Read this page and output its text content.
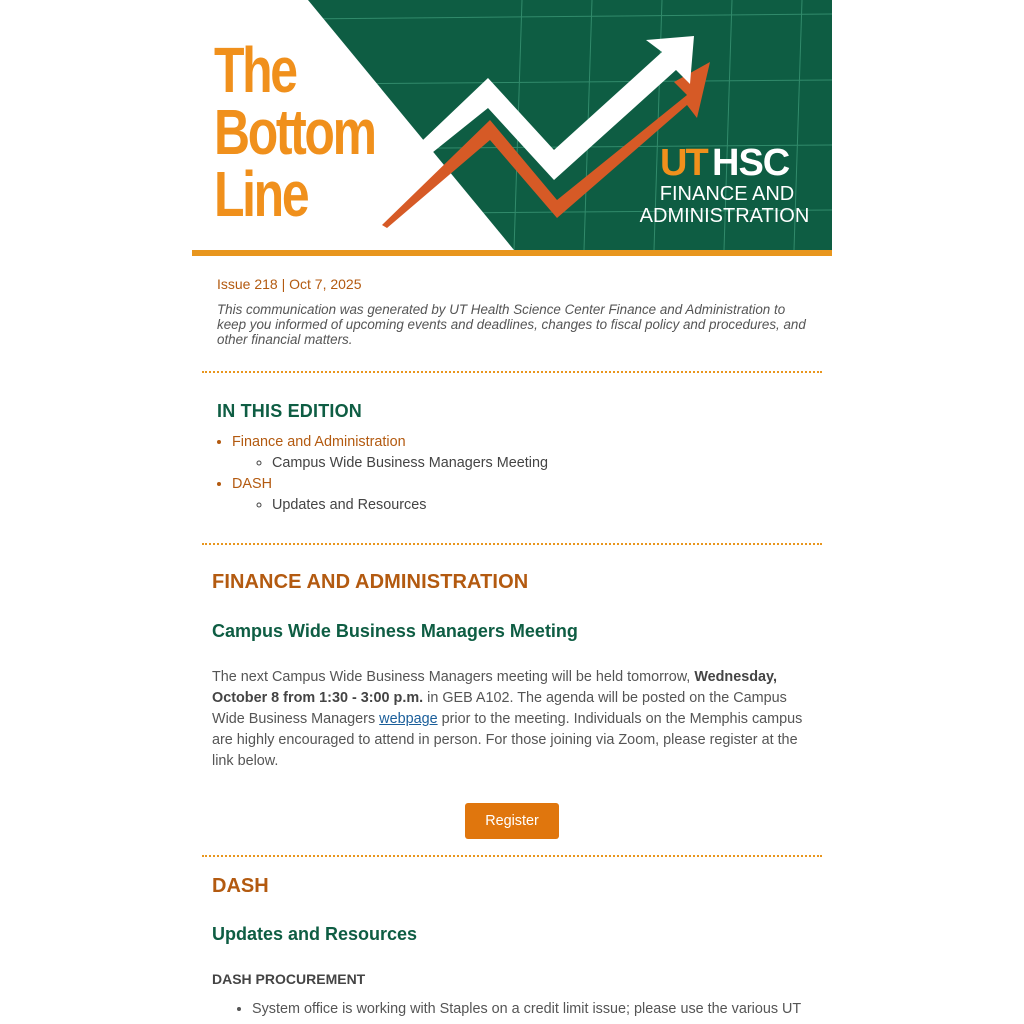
The
Bottom
Line	UT HSC
FINANCE AND
ADMINISTRATION
Issue 218 | Oct 7, 2025
This communication was generated by UT Health Science Center Finance and Administration to keep you informed of upcoming events and deadlines, changes to fiscal policy and procedures, and other financial matters.
IN THIS EDITION
• Finance and Administration
◦ Campus Wide Business Managers Meeting
• DASH
◦ Updates and Resources
FINANCE AND ADMINISTRATION
Campus Wide Business Managers Meeting
The next Campus Wide Business Managers meeting will be held tomorrow, Wednesday, October 8 from 1:30 - 3:00 p.m. in GEB A102. The agenda will be posted on the Campus Wide Business Managers webpage prior to the meeting. Individuals on the Memphis campus are highly encouraged to attend in person. For those joining via Zoom, please register at the link below.
Register
DASH
Updates and Resources
DASH PROCUREMENT
• System office is working with Staples on a credit limit issue; please use the various UT
